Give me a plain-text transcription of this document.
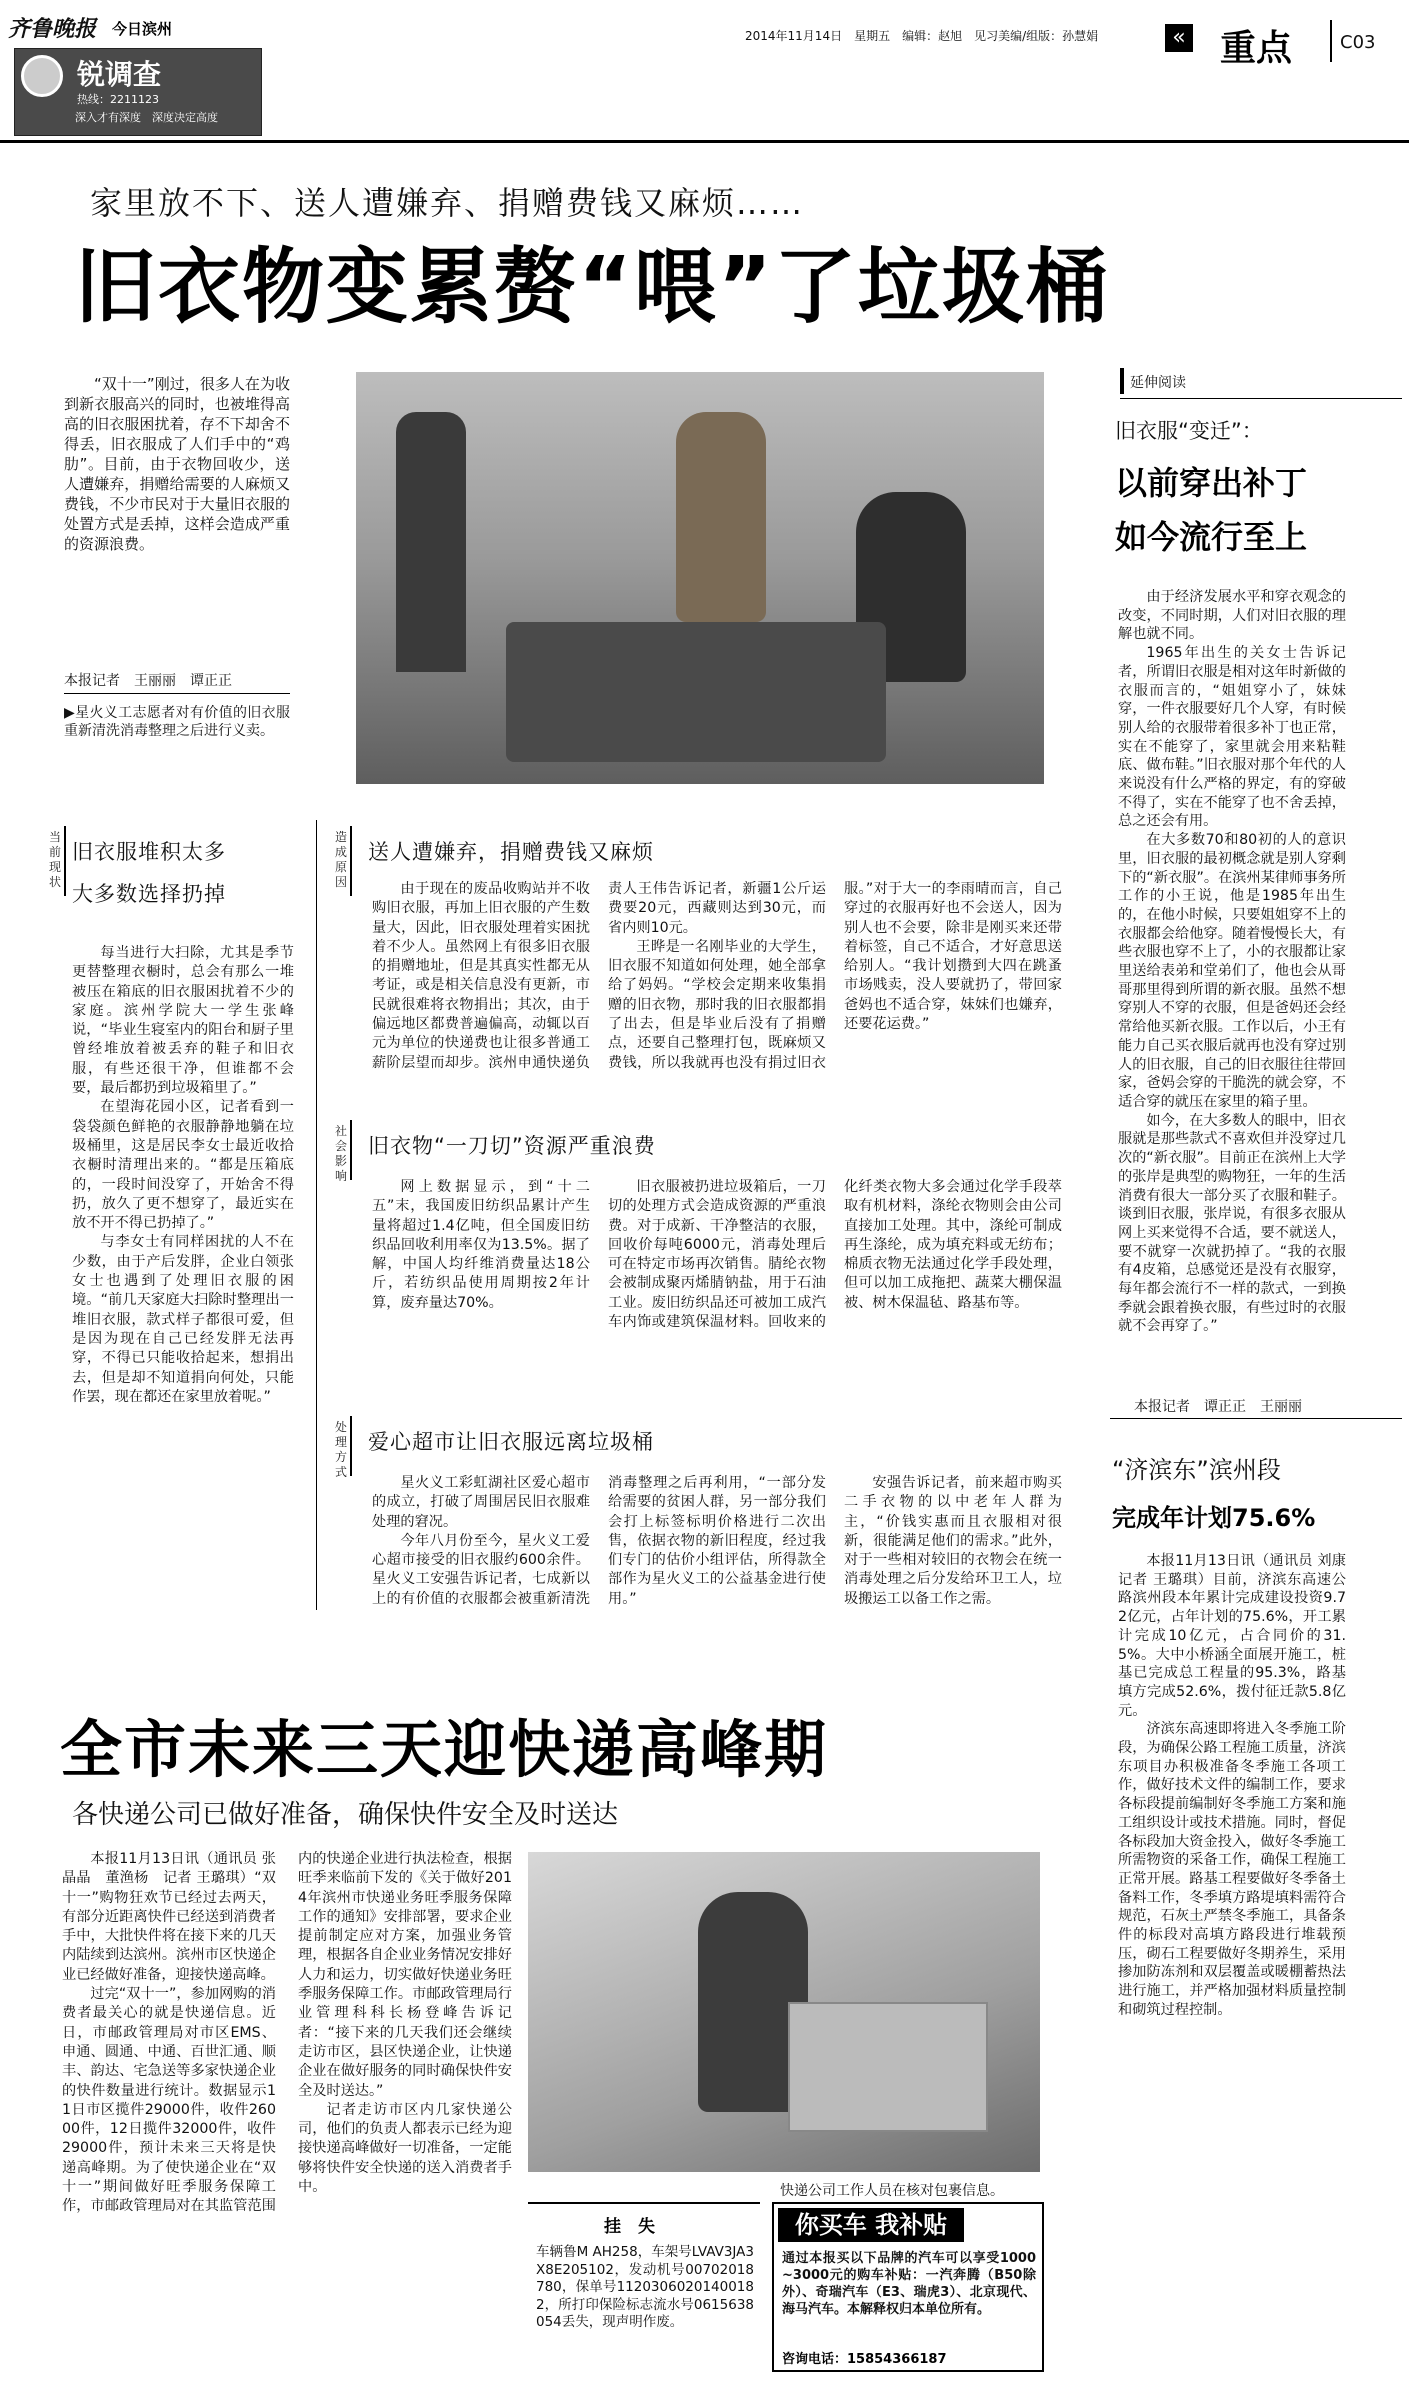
齐鲁晚报 今日滨州
锐调查
热线：2211123
深入才有深度　深度决定高度
2014年11月14日　星期五　编辑：赵旭　见习美编/组版：孙慧娟	« 重点	C03
家里放不下、送人遭嫌弃、捐赠费钱又麻烦……
旧衣物变累赘“喂”了垃圾桶

“双十一”刚过，很多人在为收到新衣服高兴的同时，也被堆得高高的旧衣服困扰着，存不下却舍不得丢，旧衣服成了人们手中的“鸡肋”。目前，由于衣物回收少，送人遭嫌弃，捐赠给需要的人麻烦又费钱，不少市民对于大量旧衣服的处置方式是丢掉，这样会造成严重的资源浪费。

本报记者　王丽丽　谭正正
▶星火义工志愿者对有价值的旧衣服重新清洗消毒整理之后进行义卖。
延伸阅读
旧衣服“变迁”：
以前穿出补丁
如今流行至上

由于经济发展水平和穿衣观念的改变，不同时期，人们对旧衣服的理解也就不同。

1965年出生的关女士告诉记者，所谓旧衣服是相对这年时新做的衣服而言的，“姐姐穿小了，妹妹穿，一件衣服要好几个人穿，有时候别人给的衣服带着很多补丁也正常，实在不能穿了，家里就会用来粘鞋底、做布鞋。”旧衣服对那个年代的人来说没有什么严格的界定，有的穿破不得了，实在不能穿了也不舍丢掉，总之还会有用。

在大多数70和80初的人的意识里，旧衣服的最初概念就是别人穿剩下的“新衣服”。在滨州某律师事务所工作的小王说，他是1985年出生的，在他小时候，只要姐姐穿不上的衣服都会给他穿。随着慢慢长大，有些衣服也穿不上了，小的衣服都让家里送给表弟和堂弟们了，他也会从哥哥那里得到所谓的新衣服。虽然不想穿别人不穿的衣服，但是爸妈还会经常给他买新衣服。工作以后，小王有能力自己买衣服后就再也没有穿过别人的旧衣服，自己的旧衣服往往带回家，爸妈会穿的干脆洗的就会穿，不适合穿的就压在家里的箱子里。

如今，在大多数人的眼中，旧衣服就是那些款式不喜欢但并没穿过几次的“新衣服”。目前正在滨州上大学的张岸是典型的购物狂，一年的生活消费有很大一部分买了衣服和鞋子。谈到旧衣服，张岸说，有很多衣服从网上买来觉得不合适，要不就送人，要不就穿一次就扔掉了。“我的衣服有4皮箱，总感觉还是没有衣服穿，每年都会流行不一样的款式，一到换季就会跟着换衣服，有些过时的衣服就不会再穿了。”

本报记者　谭正正　王丽丽
“济滨东”滨州段
完成年计划75.6%

本报11月13日讯（通讯员 刘康　记者 王璐琪）目前，济滨东高速公路滨州段本年累计完成建设投资9.72亿元，占年计划的75.6%，开工累计完成10亿元，占合同价的31.5%。大中小桥涵全面展开施工，桩基已完成总工程量的95.3%，路基填方完成52.6%，拨付征迁款5.8亿元。

济滨东高速即将进入冬季施工阶段，为确保公路工程施工质量，济滨东项目办积极准备冬季施工各项工作，做好技术文件的编制工作，要求各标段提前编制好冬季施工方案和施工组织设计或技术措施。同时，督促各标段加大资金投入，做好冬季施工所需物资的采备工作，确保工程施工正常开展。路基工程要做好冬季备土备料工作，冬季填方路堤填料需符合规范，石灰土严禁冬季施工，具备条件的标段对高填方路段进行堆载预压，砌石工程要做好冬期养生，采用掺加防冻剂和双层覆盖或暖棚蓄热法进行施工，并严格加强材料质量控制和砌筑过程控制。

当前现状
旧衣服堆积太多
大多数选择扔掉

每当进行大扫除，尤其是季节更替整理衣橱时，总会有那么一堆被压在箱底的旧衣服困扰着不少的家庭。滨州学院大一学生张峰说，“毕业生寝室内的阳台和厨子里曾经堆放着被丢弃的鞋子和旧衣服，有些还很干净，但谁都不会要，最后都扔到垃圾箱里了。”

在望海花园小区，记者看到一袋袋颜色鲜艳的衣服静静地躺在垃圾桶里，这是居民李女士最近收拾衣橱时清理出来的。“都是压箱底的，一段时间没穿了，开始舍不得扔，放久了更不想穿了，最近实在放不开不得已扔掉了。”

与李女士有同样困扰的人不在少数，由于产后发胖，企业白领张女士也遇到了处理旧衣服的困境。“前几天家庭大扫除时整理出一堆旧衣服，款式样子都很可爱，但是因为现在自己已经发胖无法再穿，不得已只能收拾起来，想捐出去，但是却不知道捐向何处，只能作罢，现在都还在家里放着呢。”

造成原因
送人遭嫌弃，捐赠费钱又麻烦

由于现在的废品收购站并不收购旧衣服，再加上旧衣服的产生数量大，因此，旧衣服处理着实困扰着不少人。虽然网上有很多旧衣服的捐赠地址，但是其真实性都无从考证，或是相关信息没有更新，市民就很难将衣物捐出；其次，由于偏远地区都费普遍偏高，动辄以百元为单位的快递费也让很多普通工薪阶层望而却步。滨州申通快递负责人王伟告诉记者，新疆1公斤运费要20元，西藏则达到30元，而省内则10元。

王晔是一名刚毕业的大学生，旧衣服不知道如何处理，她全部拿给了妈妈。“学校会定期来收集捐赠的旧衣物，那时我的旧衣服都捐了出去，但是毕业后没有了捐赠点，还要自己整理打包，既麻烦又费钱，所以我就再也没有捐过旧衣服。”对于大一的李雨晴而言，自己穿过的衣服再好也不会送人，因为别人也不会要，除非是刚买来还带着标签，自己不适合，才好意思送给别人。“我计划攒到大四在跳蚤市场贱卖，没人要就扔了，带回家爸妈也不适合穿，妹妹们也嫌弃，还要花运费。”

社会影响
旧衣物“一刀切”资源严重浪费

网上数据显示，到“十二五”末，我国废旧纺织品累计产生量将超过1.4亿吨，但全国废旧纺织品回收利用率仅为13.5%。据了解，中国人均纤维消费量达18公斤，若纺织品使用周期按2年计算，废弃量达70%。

旧衣服被扔进垃圾箱后，一刀切的处理方式会造成资源的严重浪费。对于成新、干净整洁的衣服，回收价每吨6000元，消毒处理后可在特定市场再次销售。腈纶衣物会被制成聚丙烯腈钠盐，用于石油工业。废旧纺织品还可被加工成汽车内饰或建筑保温材料。回收来的化纤类衣物大多会通过化学手段萃取有机材料，涤纶衣物则会由公司直接加工处理。其中，涤纶可制成再生涤纶，成为填充料或无纺布；棉质衣物无法通过化学手段处理，但可以加工成拖把、蔬菜大棚保温被、树木保温毡、路基布等。

处理方式
爱心超市让旧衣服远离垃圾桶

星火义工彩虹湖社区爱心超市的成立，打破了周围居民旧衣服难处理的窘况。

今年八月份至今，星火义工爱心超市接受的旧衣服约600余件。星火义工安强告诉记者，七成新以上的有价值的衣服都会被重新清洗消毒整理之后再利用，“一部分发给需要的贫困人群，另一部分我们会打上标签标明价格进行二次出售，依据衣物的新旧程度，经过我们专门的估价小组评估，所得款全部作为星火义工的公益基金进行使用。”

安强告诉记者，前来超市购买二手衣物的以中老年人群为主，“价钱实惠而且衣服相对很新，很能满足他们的需求。”此外，对于一些相对较旧的衣物会在统一消毒处理之后分发给环卫工人，垃圾搬运工以备工作之需。

全市未来三天迎快递高峰期
各快递公司已做好准备，确保快件安全及时送达

本报11月13日讯（通讯员 张晶晶　董渔杨　记者 王璐琪）“双十一”购物狂欢节已经过去两天，有部分近距离快件已经送到消费者手中，大批快件将在接下来的几天内陆续到达滨州。滨州市区快递企业已经做好准备，迎接快递高峰。

过完“双十一”，参加网购的消费者最关心的就是快递信息。近日，市邮政管理局对市区EMS、申通、圆通、中通、百世汇通、顺丰、韵达、宅急送等多家快递企业的快件数量进行统计。数据显示11日市区揽件29000件，收件26000件，12日揽件32000件，收件29000件，预计未来三天将是快递高峰期。为了使快递企业在“双十一”期间做好旺季服务保障工作，市邮政管理局对在其监管范围内的快递企业进行执法检查，根据旺季来临前下发的《关于做好2014年滨州市快递业务旺季服务保障工作的通知》安排部署，要求企业提前制定应对方案，加强业务管理，根据各自企业业务情况安排好人力和运力，切实做好快递业务旺季服务保障工作。市邮政管理局行业管理科科长杨登峰告诉记者：“接下来的几天我们还会继续走访市区，县区快递企业，让快递企业在做好服务的同时确保快件安全及时送达。”

记者走访市区内几家快递公司，他们的负责人都表示已经为迎接快递高峰做好一切准备，一定能够将快件安全快递的送入消费者手中。	快递公司工作人员在核对包裹信息。
挂　失
车辆鲁M AH258，车架号LVAV3JA3X8E205102，发动机号00702018780，保单号11203060201400182，所打印保险标志流水号0615638054丢失，现声明作废。
你买车 我补贴
通过本报买以下品牌的汽车可以享受1000~3000元的购车补贴：一汽奔腾（B50除外）、奇瑞汽车（E3、瑞虎3）、北京现代、海马汽车。本解释权归本单位所有。
咨询电话：15854366187
